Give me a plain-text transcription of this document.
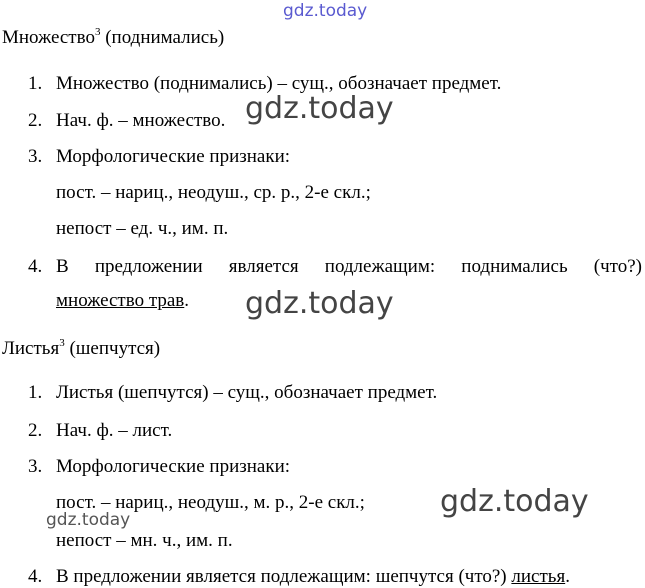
gdz.today
gdz.today
gdz.today
gdz.today
gdz.today
Множество$^3$ (поднимались)
1. Множество (поднимались) – сущ., обозначает предмет.
2. Нач. ф. – множество.
3. Морфологические признаки:
пост. – нариц., неодуш., ср. р., 2-е скл.;
непост – ед. ч., им. п.
4. В предложении является подлежащим: поднимались (что?)
множество трав.
Листья$^3$ (шепчутся)
1. Листья (шепчутся) – сущ., обозначает предмет.
2. Нач. ф. – лист.
3. Морфологические признаки:
пост. – нариц., неодуш., м. р., 2-е скл.;
непост – мн. ч., им. п.
4. В предложении является подлежащим: шепчутся (что?) листья.
